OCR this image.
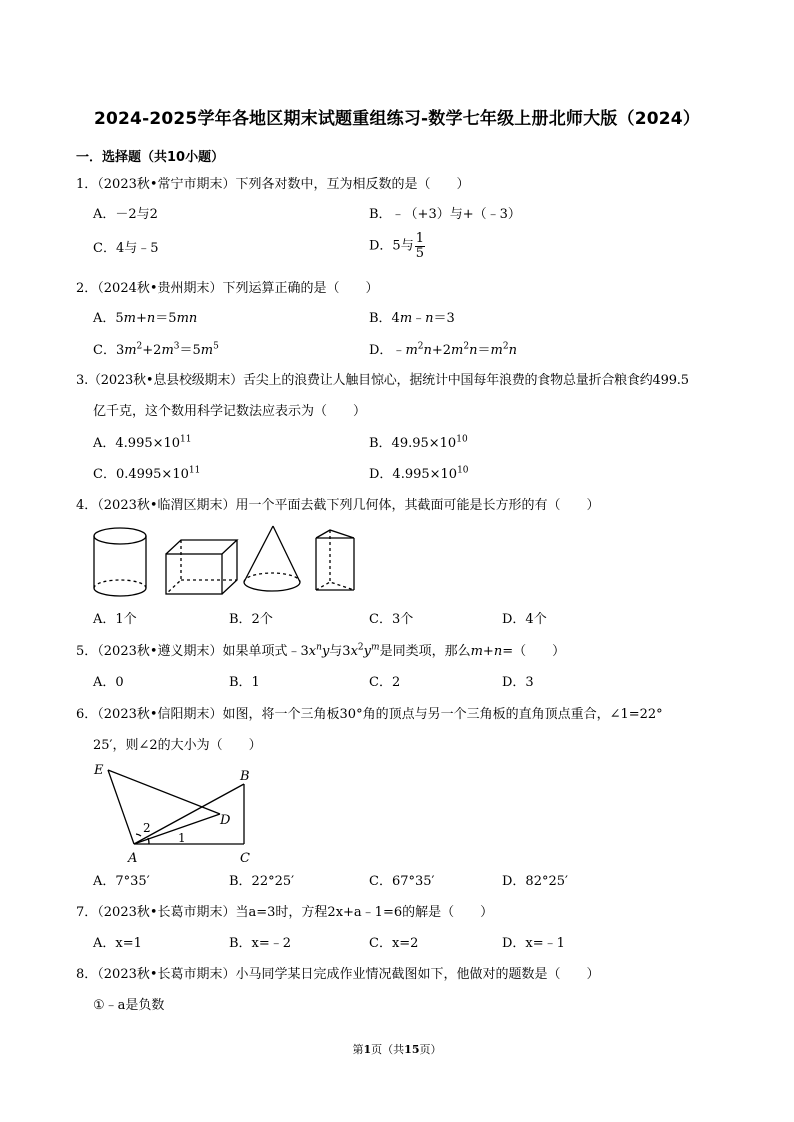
2024-2025学年各地区期末试题重组练习-数学七年级上册北师大版（2024）
一．选择题（共10小题）
1．（2023秋•常宁市期末）下列各对数中，互为相反数的是（　　）
A．－2与2	B．﹣（+3）与+（﹣3）
C．4与﹣5	D．5与 $\frac{1}{5}$
2．（2024秋•贵州期末）下列运算正确的是（　　）
A．5m+n＝5mn	B．4m﹣n＝3
C．$3m^2+2m^3=5m^5$	D．$﹣m^2n+2m^2n=m^2n$
3.（2023秋•息县校级期末）舌尖上的浪费让人触目惊心，据统计中国每年浪费的食物总量折合粮食约499.5
亿千克，这个数用科学记数法应表示为（　　）
A．$4.995\times 10^{11}$	B．$49.95\times 10^{10}$
C．$0.4995\times 10^{11}$	D．$4.995\times 10^{10}$
4．（2023秋•临渭区期末）用一个平面去截下列几何体，其截面可能是长方形的有（　　）
A．1个	B．2个	C．3个	D．4个
5．（2023秋•遵义期末）如果单项式$﹣3x^ny$与$3x^2y^m$是同类项，那么m+n=（　　）
A．0	B．1	C．2	D．3
6．（2023秋•信阳期末）如图，将一个三角板30°角的顶点与另一个三角板的直角顶点重合，∠1=22°
25′，则∠2的大小为（　　）
E	B
D
A	C
1
2
A．7°35′	B．22°25′	C．67°35′	D．82°25′
7．（2023秋•长葛市期末）当a=3时，方程2x+a﹣1=6的解是（　　）
A．x=1	B．x=﹣2	C．x=2	D．x=﹣1
8．（2023秋•长葛市期末）小马同学某日完成作业情况截图如下，他做对的题数是（　　）
①﹣a是负数
第1页（共15页）
